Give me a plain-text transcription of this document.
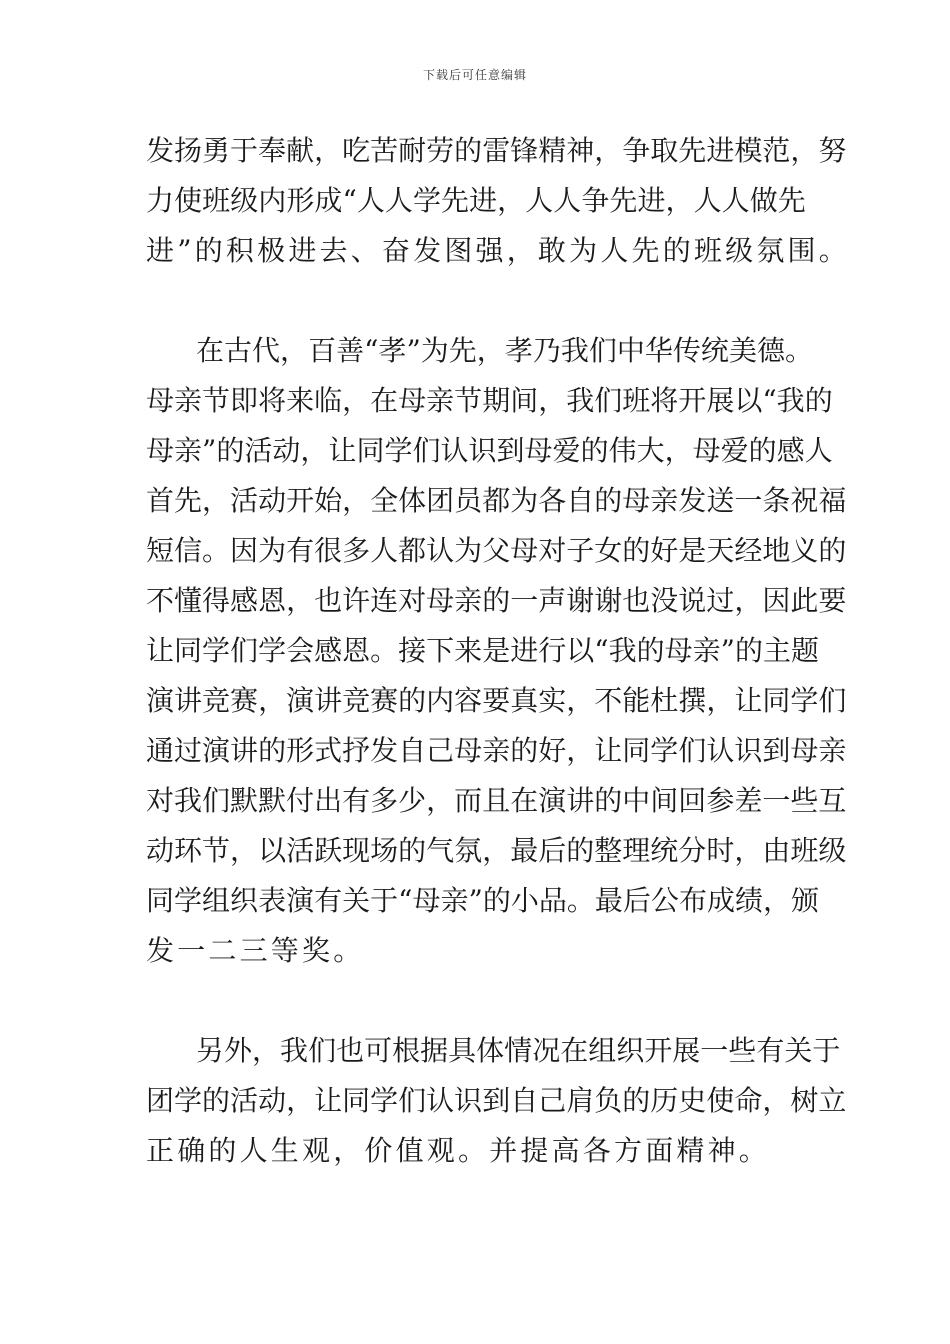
下载后可任意编辑
发 扬 勇 于 奉 献 ， 吃 苦 耐 劳 的 雷 锋 精 神 ， 争 取 先 进 模 范 ， 努
力 使 班 级 内 形 成 “ 人 人 学 先 进 ， 人 人 争 先 进 ， 人 人 做 先
进”的积极进去、奋发图强，敢为人先的班级氛围。
在 古 代 ， 百 善 “ 孝 ” 为 先 ， 孝 乃 我 们 中 华 传 统 美 德 。
母 亲 节 即 将 来 临 ， 在 母 亲 节 期 间 ， 我 们 班 将 开 展 以 “ 我 的
母 亲 ” 的 活 动 ， 让 同 学 们 认 识 到 母 爱 的 伟 大 ， 母 爱 的 感 人
首 先 ， 活 动 开 始 ， 全 体 团 员 都 为 各 自 的 母 亲 发 送 一 条 祝 福
短 信 。 因 为 有 很 多 人 都 认 为 父 母 对 子 女 的 好 是 天 经 地 义 的
不 懂 得 感 恩 ， 也 许 连 对 母 亲 的 一 声 谢 谢 也 没 说 过 ， 因 此 要
让 同 学 们 学 会 感 恩 。 接 下 来 是 进 行 以 “ 我 的 母 亲 ” 的 主 题
演 讲 竞 赛 ， 演 讲 竞 赛 的 内 容 要 真 实 ， 不 能 杜 撰 ， 让 同 学 们
通 过 演 讲 的 形 式 抒 发 自 己 母 亲 的 好 ， 让 同 学 们 认 识 到 母 亲
对 我 们 默 默 付 出 有 多 少 ， 而 且 在 演 讲 的 中 间 回 参 差 一 些 互
动 环 节 ， 以 活 跃 现 场 的 气 氛 ， 最 后 的 整 理 统 分 时 ， 由 班 级
同 学 组 织 表 演 有 关 于 “ 母 亲 ” 的 小 品 。 最 后 公 布 成 绩 ， 颁
发一二三等奖。
另 外 ， 我 们 也 可 根 据 具 体 情 况 在 组 织 开 展 一 些 有 关 于
团 学 的 活 动 ， 让 同 学 们 认 识 到 自 己 肩 负 的 历 史 使 命 ， 树 立
正确的人生观，价值观。并提高各方面精神。
